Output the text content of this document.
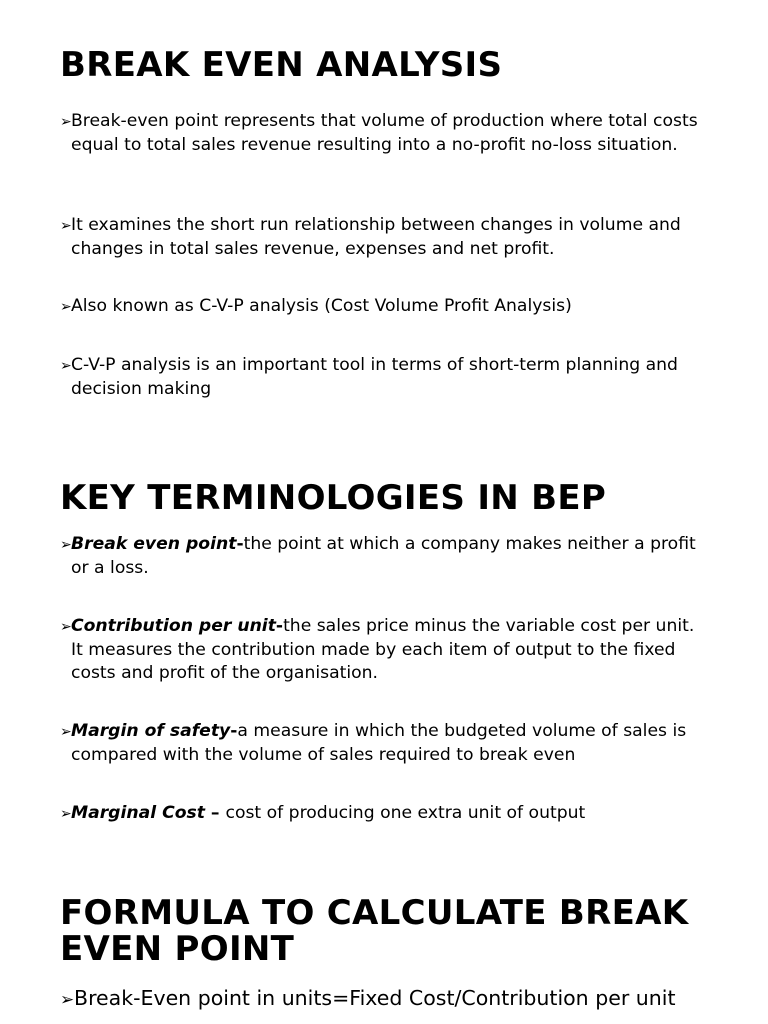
BREAK EVEN ANALYSIS
➢Break-even point represents that volume of production where total costs equal to total sales revenue resulting into a no-profit no-loss situation.
➢It examines the short run relationship between changes in volume and changes in total sales revenue, expenses and net profit.
➢Also known as C-V-P analysis (Cost Volume Profit Analysis)
➢C-V-P analysis is an important tool in terms of short-term planning and decision making
KEY TERMINOLOGIES IN BEP
➢Break even point-the point at which a company makes neither a profit or a loss.
➢Contribution per unit-the sales price minus the variable cost per unit. It measures the contribution made by each item of output to the fixed costs and profit of the organisation.
➢Margin of safety-a measure in which the budgeted volume of sales is compared with the volume of sales required to break even
➢Marginal Cost – cost of producing one extra unit of output
FORMULA TO CALCULATE BREAK EVEN POINT
➢Break-Even point in units=Fixed Cost/Contribution per unit
